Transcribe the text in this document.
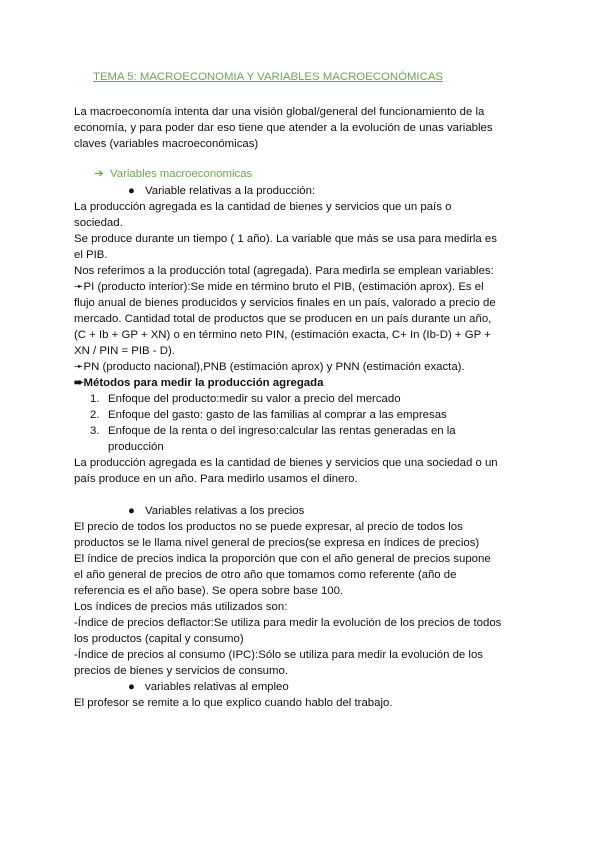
TEMA 5: MACROECONOMIA Y VARIABLES MACROECONÓMICAS
La macroeconomía intenta dar una visión global/general del funcionamiento de la
economía, y para poder dar eso tiene que atender a la evolución de unas variables
claves (variables macroeconómicas)
➔ Variables macroeconomicas
● Variable relativas a la producción:
La producción agregada es la cantidad de bienes y servicios que un país o
sociedad.
Se produce durante un tiempo ( 1 año). La variable que más se usa para medirla es
el PIB.
Nos referimos a la producción total (agregada). Para medirla se emplean variables:
➛PI (producto interior):Se mide en término bruto el PIB, (estimación aprox). Es el
flujo anual de bienes producidos y servicios finales en un país, valorado a precio de
mercado. Cantidad total de productos que se producen en un país durante un año,
(C + Ib + GP + XN) o en término neto PIN, (estimación exacta, C+ In (Ib-D) + GP +
XN / PIN = PIB - D).
➛PN (producto nacional),PNB (estimación aprox) y PNN (estimación exacta).
➨Métodos para medir la producción agregada
1. Enfoque del producto:medir su valor a precio del mercado
2. Enfoque del gasto: gasto de las familias al comprar a las empresas
3. Enfoque de la renta o del ingreso:calcular las rentas generadas en la
producción
La producción agregada es la cantidad de bienes y servicios que una sociedad o un
país produce en un año. Para medirlo usamos el dinero.
● Variables relativas a los precios
El precio de todos los productos no se puede expresar, al precio de todos los
productos se le llama nivel general de precios(se expresa en índices de precios)
El índice de precios indica la proporción que con el año general de precios supone
el año general de precios de otro año que tomamos como referente (año de
referencia es el año base). Se opera sobre base 100.
Los índices de precios más utilizados son:
-Índice de precios deflactor:Se utiliza para medir la evolución de los precios de todos
los productos (capital y consumo)
-Índice de precios al consumo (IPC):Sólo se utiliza para medir la evolución de los
precios de bienes y servicios de consumo.
● variables relativas al empleo
El profesor se remite a lo que explico cuando hablo del trabajo.
